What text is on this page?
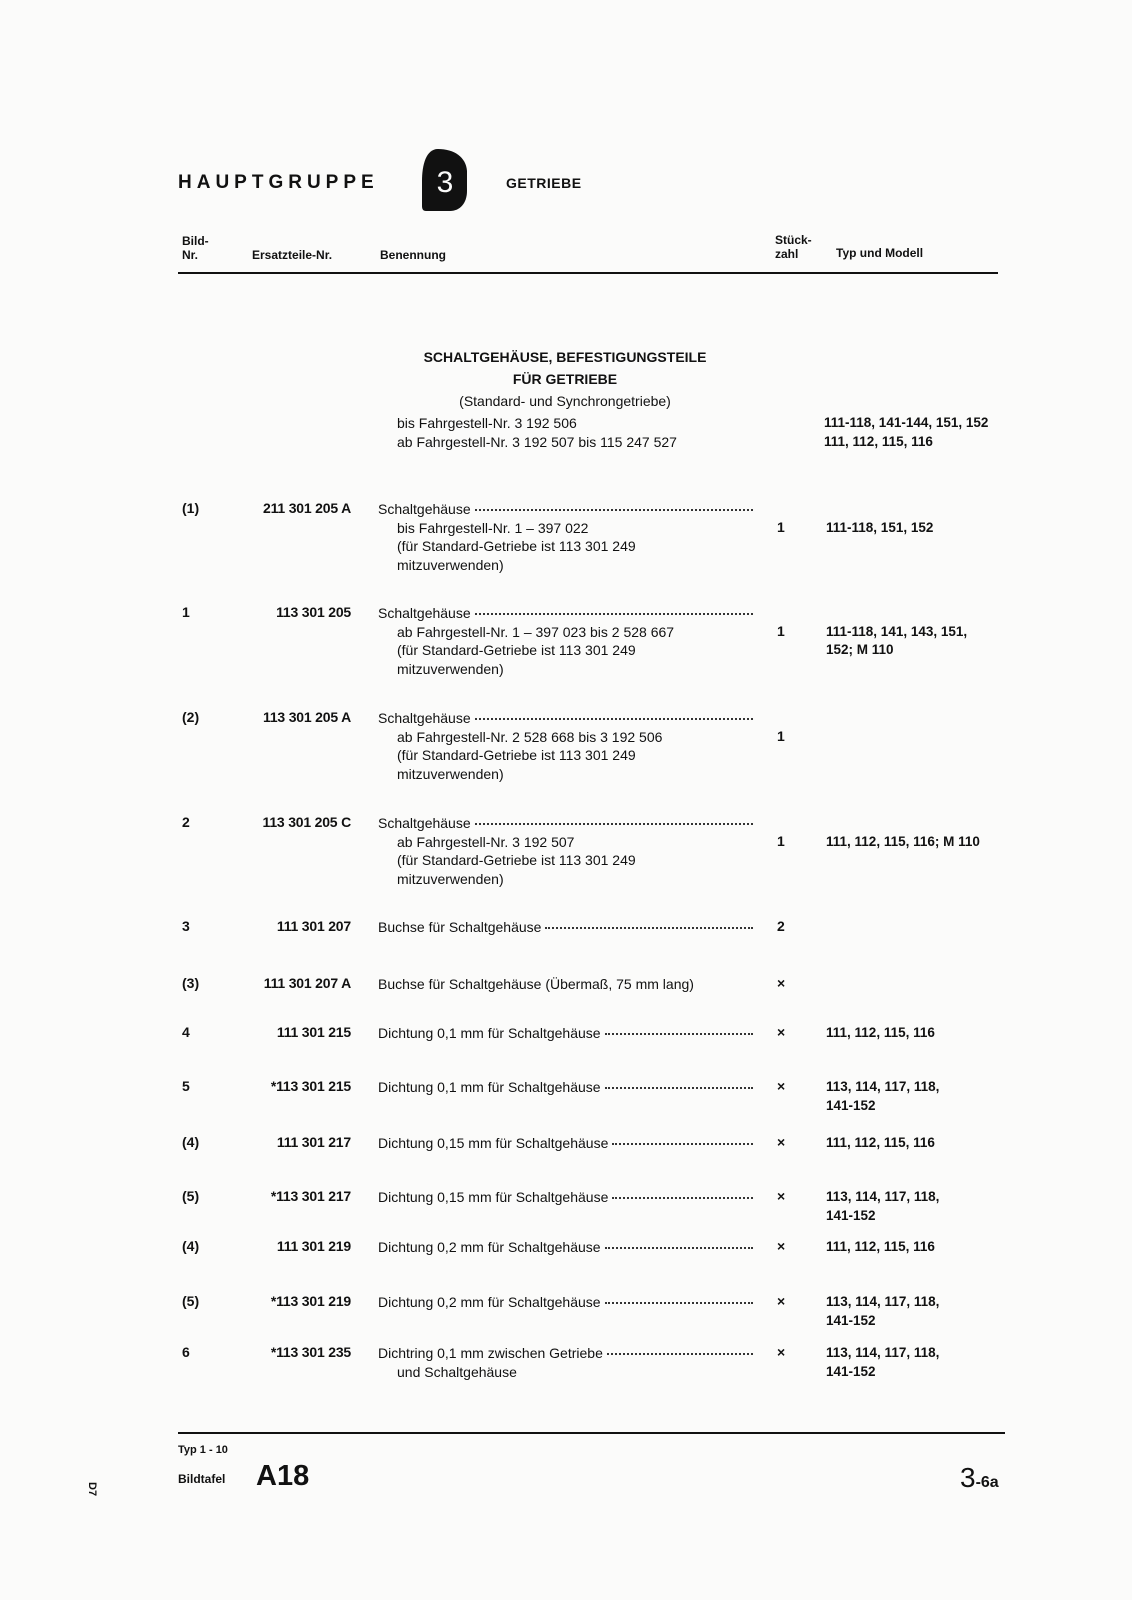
HAUPTGRUPPE 3	GETRIEBE
Bild-
Nr.	Ersatzteile-Nr.	Benennung
Stück-
zahl	Typ und Modell
SCHALTGEHÄUSE, BEFESTIGUNGSTEILE
FÜR GETRIEBE
(Standard- und Synchrongetriebe)
bis Fahrgestell-Nr. 3 192 506	111-118, 141-144, 151, 152
ab Fahrgestell-Nr. 3 192 507 bis 115 247 527	111, 112, 115, 116
(1)	211 301 205 A Schaltgehäuse
bis Fahrgestell-Nr. 1 – 397 022
(für Standard-Getriebe ist 113 301 249
mitzuverwenden)
1	111-118, 151, 152
1	113 301 205 Schaltgehäuse
ab Fahrgestell-Nr. 1 – 397 023 bis 2 528 667
(für Standard-Getriebe ist 113 301 249
mitzuverwenden)
1	111-118, 141, 143, 151,
152; M 110
(2)	113 301 205 A Schaltgehäuse
ab Fahrgestell-Nr. 2 528 668 bis 3 192 506
(für Standard-Getriebe ist 113 301 249
mitzuverwenden)
1
2	113 301 205 C Schaltgehäuse
ab Fahrgestell-Nr. 3 192 507
(für Standard-Getriebe ist 113 301 249
mitzuverwenden)
1	111, 112, 115, 116; M 110
3	111 301 207 Buchse für Schaltgehäuse	2
(3)	111 301 207 A Buchse für Schaltgehäuse (Übermaß, 75 mm lang)	×
4	111 301 215 Dichtung 0,1 mm für Schaltgehäuse	×	111, 112, 115, 116
5	*113 301 215 Dichtung 0,1 mm für Schaltgehäuse	×	113, 114, 117, 118,
141-152
(4)	111 301 217 Dichtung 0,15 mm für Schaltgehäuse	×	111, 112, 115, 116
(5)	*113 301 217 Dichtung 0,15 mm für Schaltgehäuse	×	113, 114, 117, 118,
141-152
(4)	111 301 219 Dichtung 0,2 mm für Schaltgehäuse	×	111, 112, 115, 116
(5)	*113 301 219 Dichtung 0,2 mm für Schaltgehäuse	×	113, 114, 117, 118,
141-152
6	*113 301 235 Dichtring 0,1 mm zwischen Getriebe
und Schaltgehäuse
×	113, 114, 117, 118,
141-152
Typ 1 - 10
Bildtafel A18	3-6a
D7
